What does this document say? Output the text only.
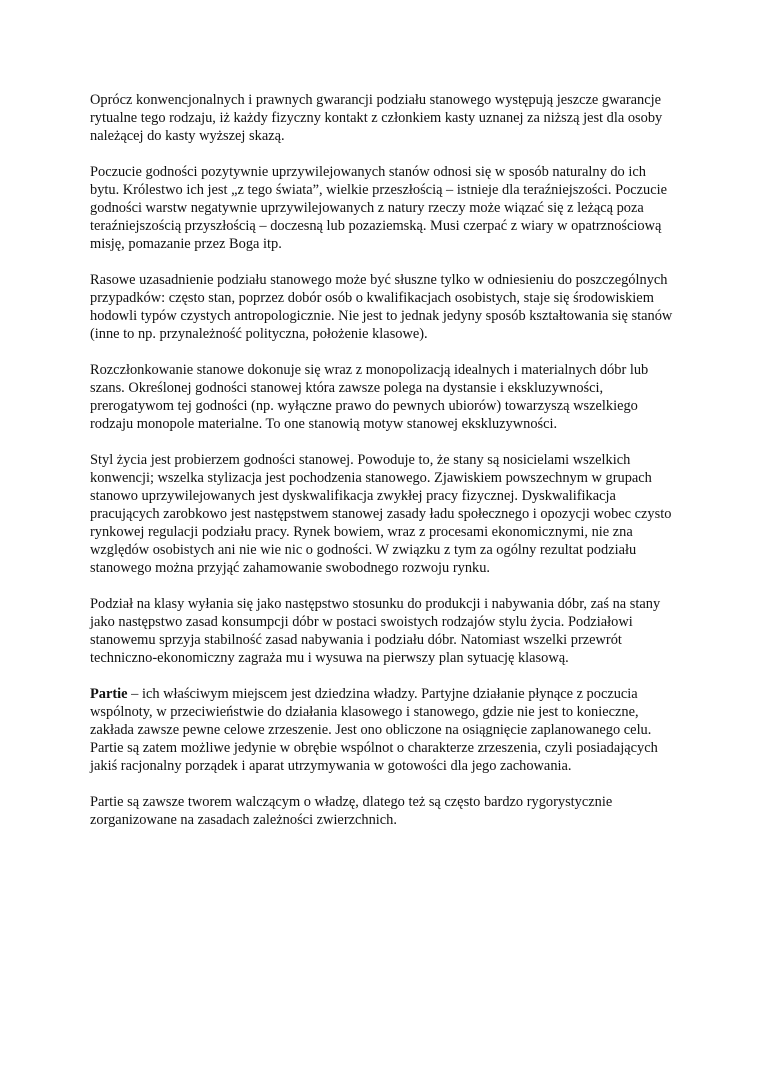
Oprócz konwencjonalnych i prawnych gwarancji podziału stanowego występują jeszcze gwarancje rytualne tego rodzaju, iż każdy fizyczny kontakt z członkiem kasty uznanej za niższą jest dla osoby należącej do kasty wyższej skazą.

Poczucie godności pozytywnie uprzywilejowanych stanów odnosi się w sposób naturalny do ich bytu. Królestwo ich jest „z tego świata”, wielkie przeszłością – istnieje dla teraźniejszości. Poczucie godności warstw negatywnie uprzywilejowanych z natury rzeczy może wiązać się z leżącą poza teraźniejszością przyszłością – doczesną lub pozaziemską. Musi czerpać z wiary w opatrznościową misję, pomazanie przez Boga itp.

Rasowe uzasadnienie podziału stanowego może być słuszne tylko w odniesieniu do poszczególnych przypadków: często stan, poprzez dobór osób o kwalifikacjach osobistych, staje się środowiskiem hodowli typów czystych antropologicznie. Nie jest to jednak jedyny sposób kształtowania się stanów (inne to np. przynależność polityczna, położenie klasowe).

Rozczłonkowanie stanowe dokonuje się wraz z monopolizacją idealnych i materialnych dóbr lub szans. Określonej godności stanowej która zawsze polega na dystansie i ekskluzywności, prerogatywom tej godności (np. wyłączne prawo do pewnych ubiorów) towarzyszą wszelkiego rodzaju monopole materialne. To one stanowią motyw stanowej ekskluzywności.

Styl życia jest probierzem godności stanowej. Powoduje to, że stany są nosicielami wszelkich konwencji; wszelka stylizacja jest pochodzenia stanowego. Zjawiskiem powszechnym w grupach stanowo uprzywilejowanych jest dyskwalifikacja zwykłej pracy fizycznej. Dyskwalifikacja pracujących zarobkowo jest następstwem stanowej zasady ładu społecznego i opozycji wobec czysto rynkowej regulacji podziału pracy. Rynek bowiem, wraz z procesami ekonomicznymi, nie zna względów osobistych ani nie wie nic o godności. W związku z tym za ogólny rezultat podziału stanowego można przyjąć zahamowanie swobodnego rozwoju rynku.

Podział na klasy wyłania się jako następstwo stosunku do produkcji i nabywania dóbr, zaś na stany jako następstwo zasad konsumpcji dóbr w postaci swoistych rodzajów stylu życia. Podziałowi stanowemu sprzyja stabilność zasad nabywania i podziału dóbr. Natomiast wszelki przewrót techniczno-ekonomiczny zagraża mu i wysuwa na pierwszy plan sytuację klasową.

Partie – ich właściwym miejscem jest dziedzina władzy. Partyjne działanie płynące z poczucia wspólnoty, w przeciwieństwie do działania klasowego i stanowego, gdzie nie jest to konieczne, zakłada zawsze pewne celowe zrzeszenie. Jest ono obliczone na osiągnięcie zaplanowanego celu. Partie są zatem możliwe jedynie w obrębie wspólnot o charakterze zrzeszenia, czyli posiadających jakiś racjonalny porządek i aparat utrzymywania w gotowości dla jego zachowania.

Partie są zawsze tworem walczącym o władzę, dlatego też są często bardzo rygorystycznie zorganizowane na zasadach zależności zwierzchnich.
